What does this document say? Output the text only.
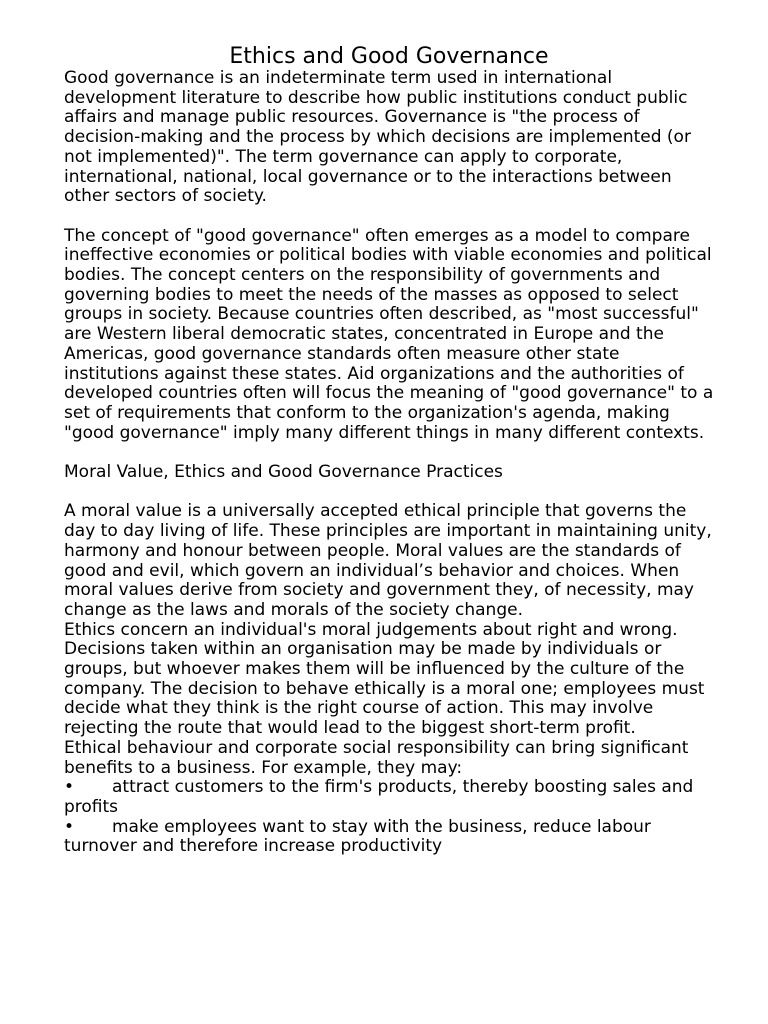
Ethics and Good Governance

Good governance is an indeterminate term used in international development literature to describe how public institutions conduct public affairs and manage public resources. Governance is "the process of decision-making and the process by which decisions are implemented (or not implemented)". The term governance can apply to corporate, international, national, local governance or to the interactions between other sectors of society.

The concept of "good governance" often emerges as a model to compare ineffective economies or political bodies with viable economies and political bodies. The concept centers on the responsibility of governments and governing bodies to meet the needs of the masses as opposed to select groups in society. Because countries often described, as "most successful" are Western liberal democratic states, concentrated in Europe and the Americas, good governance standards often measure other state institutions against these states. Aid organizations and the authorities of developed countries often will focus the meaning of "good governance" to a set of requirements that conform to the organization's agenda, making "good governance" imply many different things in many different contexts.

Moral Value, Ethics and Good Governance Practices

A moral value is a universally accepted ethical principle that governs the day to day living of life. These principles are important in maintaining unity, harmony and honour between people. Moral values are the standards of good and evil, which govern an individual’s behavior and choices. When moral values derive from society and government they, of necessity, may change as the laws and morals of the society change.

Ethics concern an individual's moral judgements about right and wrong. Decisions taken within an organisation may be made by individuals or groups, but whoever makes them will be influenced by the culture of the company. The decision to behave ethically is a moral one; employees must decide what they think is the right course of action. This may involve rejecting the route that would lead to the biggest short-term profit.

Ethical behaviour and corporate social responsibility can bring significant benefits to a business. For example, they may:

• attract customers to the firm's products, thereby boosting sales and profits

• make employees want to stay with the business, reduce labour turnover and therefore increase productivity
